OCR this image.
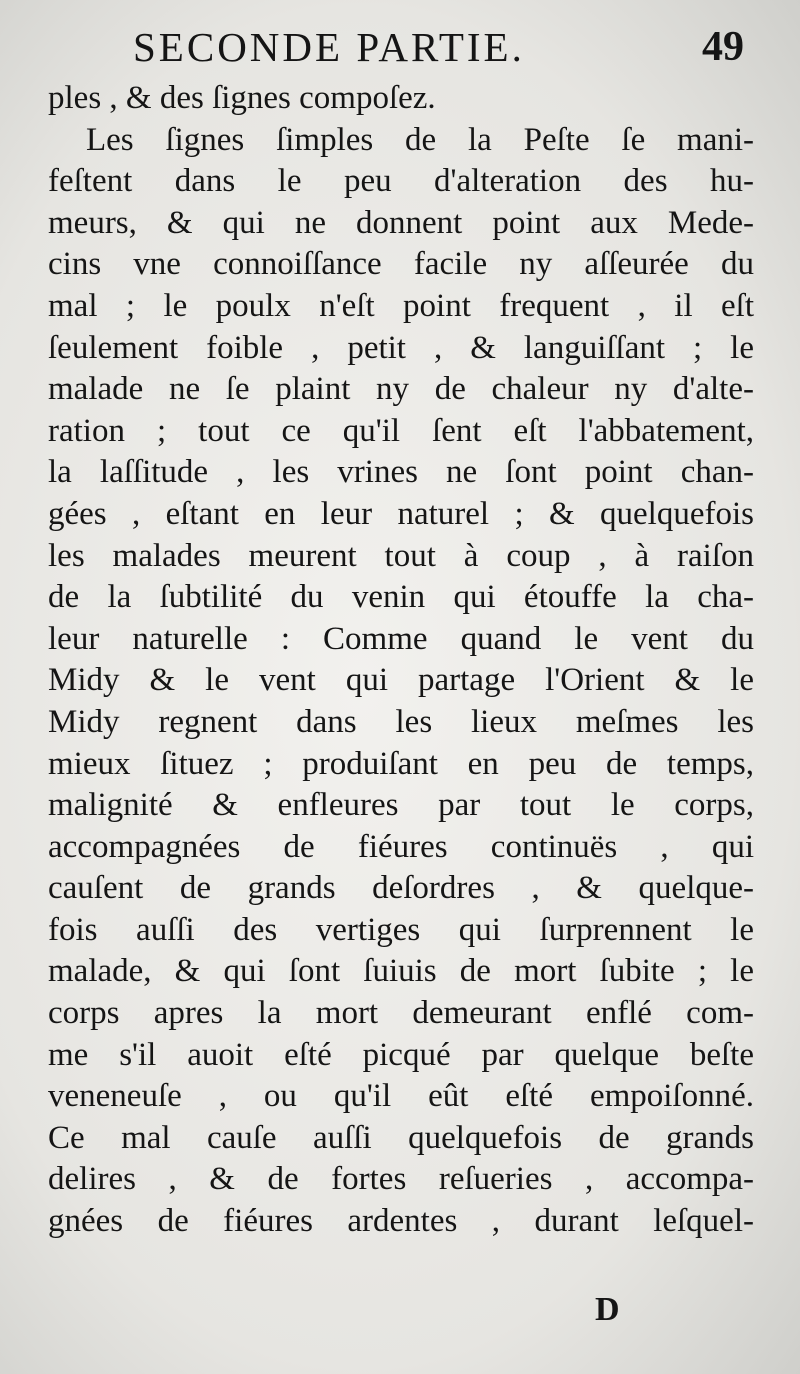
SECONDE PARTIE.	49
ples , & des ſignes compoſez.
Les ſignes ſimples de la Peſte ſe mani-
feſtent dans le peu d'alteration des hu-
meurs, & qui ne donnent point aux Mede-
cins vne connoiſſance facile ny aſſeurée du
mal ; le poulx n'eſt point frequent , il eſt
ſeulement foible , petit , & languiſſant ; le
malade ne ſe plaint ny de chaleur ny d'alte-
ration ; tout ce qu'il ſent eſt l'abbatement,
la laſſitude , les vrines ne ſont point chan-
gées , eſtant en leur naturel ; & quelquefois
les malades meurent tout à coup , à raiſon
de la ſubtilité du venin qui étouffe la cha-
leur naturelle : Comme quand le vent du
Midy & le vent qui partage l'Orient & le
Midy regnent dans les lieux meſmes les
mieux ſituez ; produiſant en peu de temps,
malignité & enfleures par tout le corps,
accompagnées de fiéures continuës , qui
cauſent de grands deſordres , & quelque-
fois auſſi des vertiges qui ſurprennent le
malade, & qui ſont ſuiuis de mort ſubite ; le
corps apres la mort demeurant enflé com-
me s'il auoit eſté picqué par quelque beſte
veneneuſe , ou qu'il eût eſté empoiſonné.
Ce mal cauſe auſſi quelquefois de grands
delires , & de fortes reſueries , accompa-
gnées de fiéures ardentes , durant leſquel-
D
